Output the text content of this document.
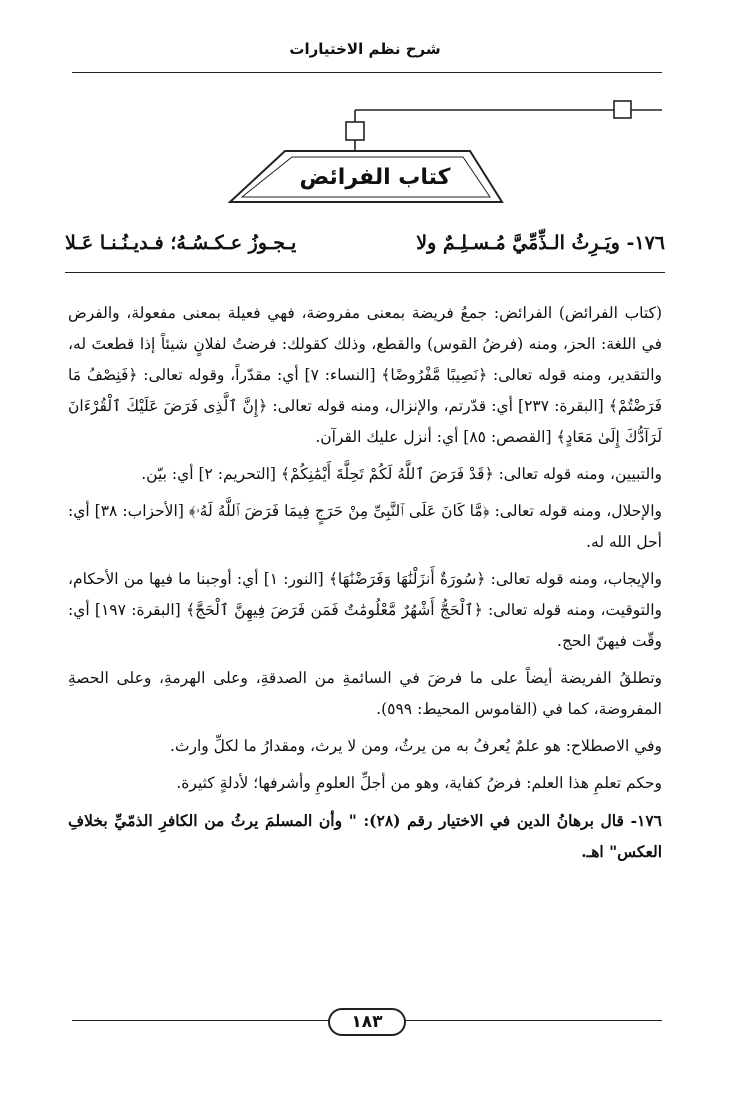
شرح نظم الاختيارات
كتاب الفرائض
١٧٦- ويَـرِثُ الـذِّمِّيَّ مُـسـلِـمٌ ولا
يـجـوزُ عـكـسُـهُ؛ فـديـنُـنـا عَـلا

(كتاب الفرائض) الفرائض: جمعُ فريضة بمعنى مفروضة، فهي فعيلة بمعنى مفعولة، والفرض في اللغة: الحز، ومنه (فرضُ القوس) والقطع، وذلك كقولك: فرضتُ لفلانٍ شيئاً إذا قطعتَ له، والتقدير، ومنه قوله تعالى: ﴿نَصِيبًا مَّفْرُوضًا﴾ [النساء: ٧] أي: مقدّراً، وقوله تعالى: ﴿فَنِصْفُ مَا فَرَضْتُمْ﴾ [البقرة: ٢٣٧] أي: قدّرتم، والإنزال، ومنه قوله تعالى: ﴿إِنَّ ٱلَّذِى فَرَضَ عَلَيْكَ ٱلْقُرْءَانَ لَرَآدُّكَ إِلَىٰ مَعَادٍ﴾ [القصص: ٨٥] أي: أنزل عليك القرآن.

والتبيين، ومنه قوله تعالى: ﴿قَدْ فَرَضَ ٱللَّهُ لَكُمْ تَحِلَّةَ أَيْمَٰنِكُمْ﴾ [التحريم: ٢] أي: بيّن.

والإحلال، ومنه قوله تعالى: ﴿مَّا كَانَ عَلَى ٱلنَّبِىِّ مِنْ حَرَجٍ فِيمَا فَرَضَ ٱللَّهُ لَهُۥ﴾ [الأحزاب: ٣٨] أي: أحل الله له.

والإيجاب، ومنه قوله تعالى: ﴿سُورَةٌ أَنزَلْنَٰهَا وَفَرَضْنَٰهَا﴾ [النور: ١] أي: أوجبنا ما فيها من الأحكام، والتوقيت، ومنه قوله تعالى: ﴿ٱلْحَجُّ أَشْهُرٌ مَّعْلُومَٰتٌ فَمَن فَرَضَ فِيهِنَّ ٱلْحَجَّ﴾ [البقرة: ١٩٧] أي: وقّت فيهنّ الحج.

وتطلقُ الفريضة أيضاً على ما فرضَ في السائمةِ من الصدقةِ، وعلى الهرمةِ، وعلى الحصةِ المفروضة، كما في (القاموس المحيط: ٥٩٩).

وفي الاصطلاح: هو علمٌ يُعرفُ به من يرثُ، ومن لا يرث، ومقدارُ ما لكلِّ وارث.

وحكم تعلمِ هذا العلم: فرضُ كفاية، وهو من أجلِّ العلومِ وأشرفها؛ لأدلةٍ كثيرة.

١٧٦- قال برهانُ الدين في الاختيار رقم (٢٨): " وأن المسلمَ يرثُ من الكافرِ الذمّيِّ بخلافِ العكس" اهـ.

١٨٣
